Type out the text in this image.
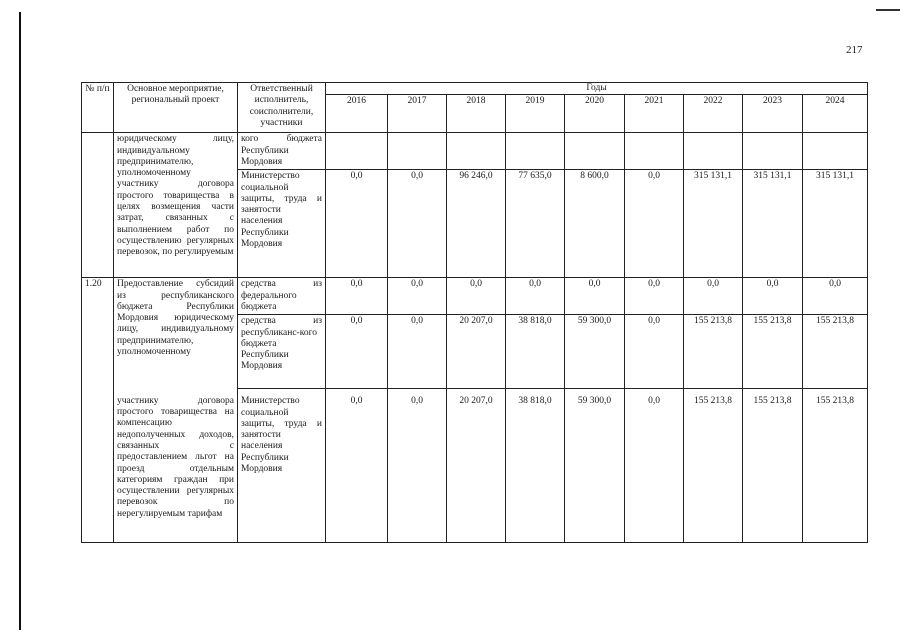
217
№ п/п	Основное мероприятие, региональный проект	Ответственный исполнитель, соисполнители, участники	Годы								
			2016	2017	2018	2019	2020	2021	2022	2023	2024
	юридическому лицу, индивидуальному предпринимателю, уполномоченному участнику договора простого товарищества в целях возмещения части затрат, связанных с выполнением работ по осуществлению регулярных перевозок, по регулируемым	кого бюджета Республики Мордовия									
		Министерство социальной защиты, труда и занятости населения Республики Мордовия	0,0	0,0	96 246,0	77 635,0	8 600,0	0,0	315 131,1	315 131,1	315 131,1
1.20	Предоставление субсидий из республиканского бюджета Республики Мордовия юридическому лицу, индивидуальному предпринимателю, уполномоченному	средства из федерального бюджета	0,0	0,0	0,0	0,0	0,0	0,0	0,0	0,0	0,0
		средства из республиканс-кого бюджета Республики Мордовия	0,0	0,0	20 207,0	38 818,0	59 300,0	0,0	155 213,8	155 213,8	155 213,8
	участнику договора простого товарищества на компенсацию недополученных доходов, связанных с предоставлением льгот на проезд отдельным категориям граждан при осуществлении регулярных перевозок по нерегулируемым тарифам	Министерство социальной защиты, труда и занятости населения Республики Мордовия	0,0	0,0	20 207,0	38 818,0	59 300,0	0,0	155 213,8	155 213,8	155 213,8
